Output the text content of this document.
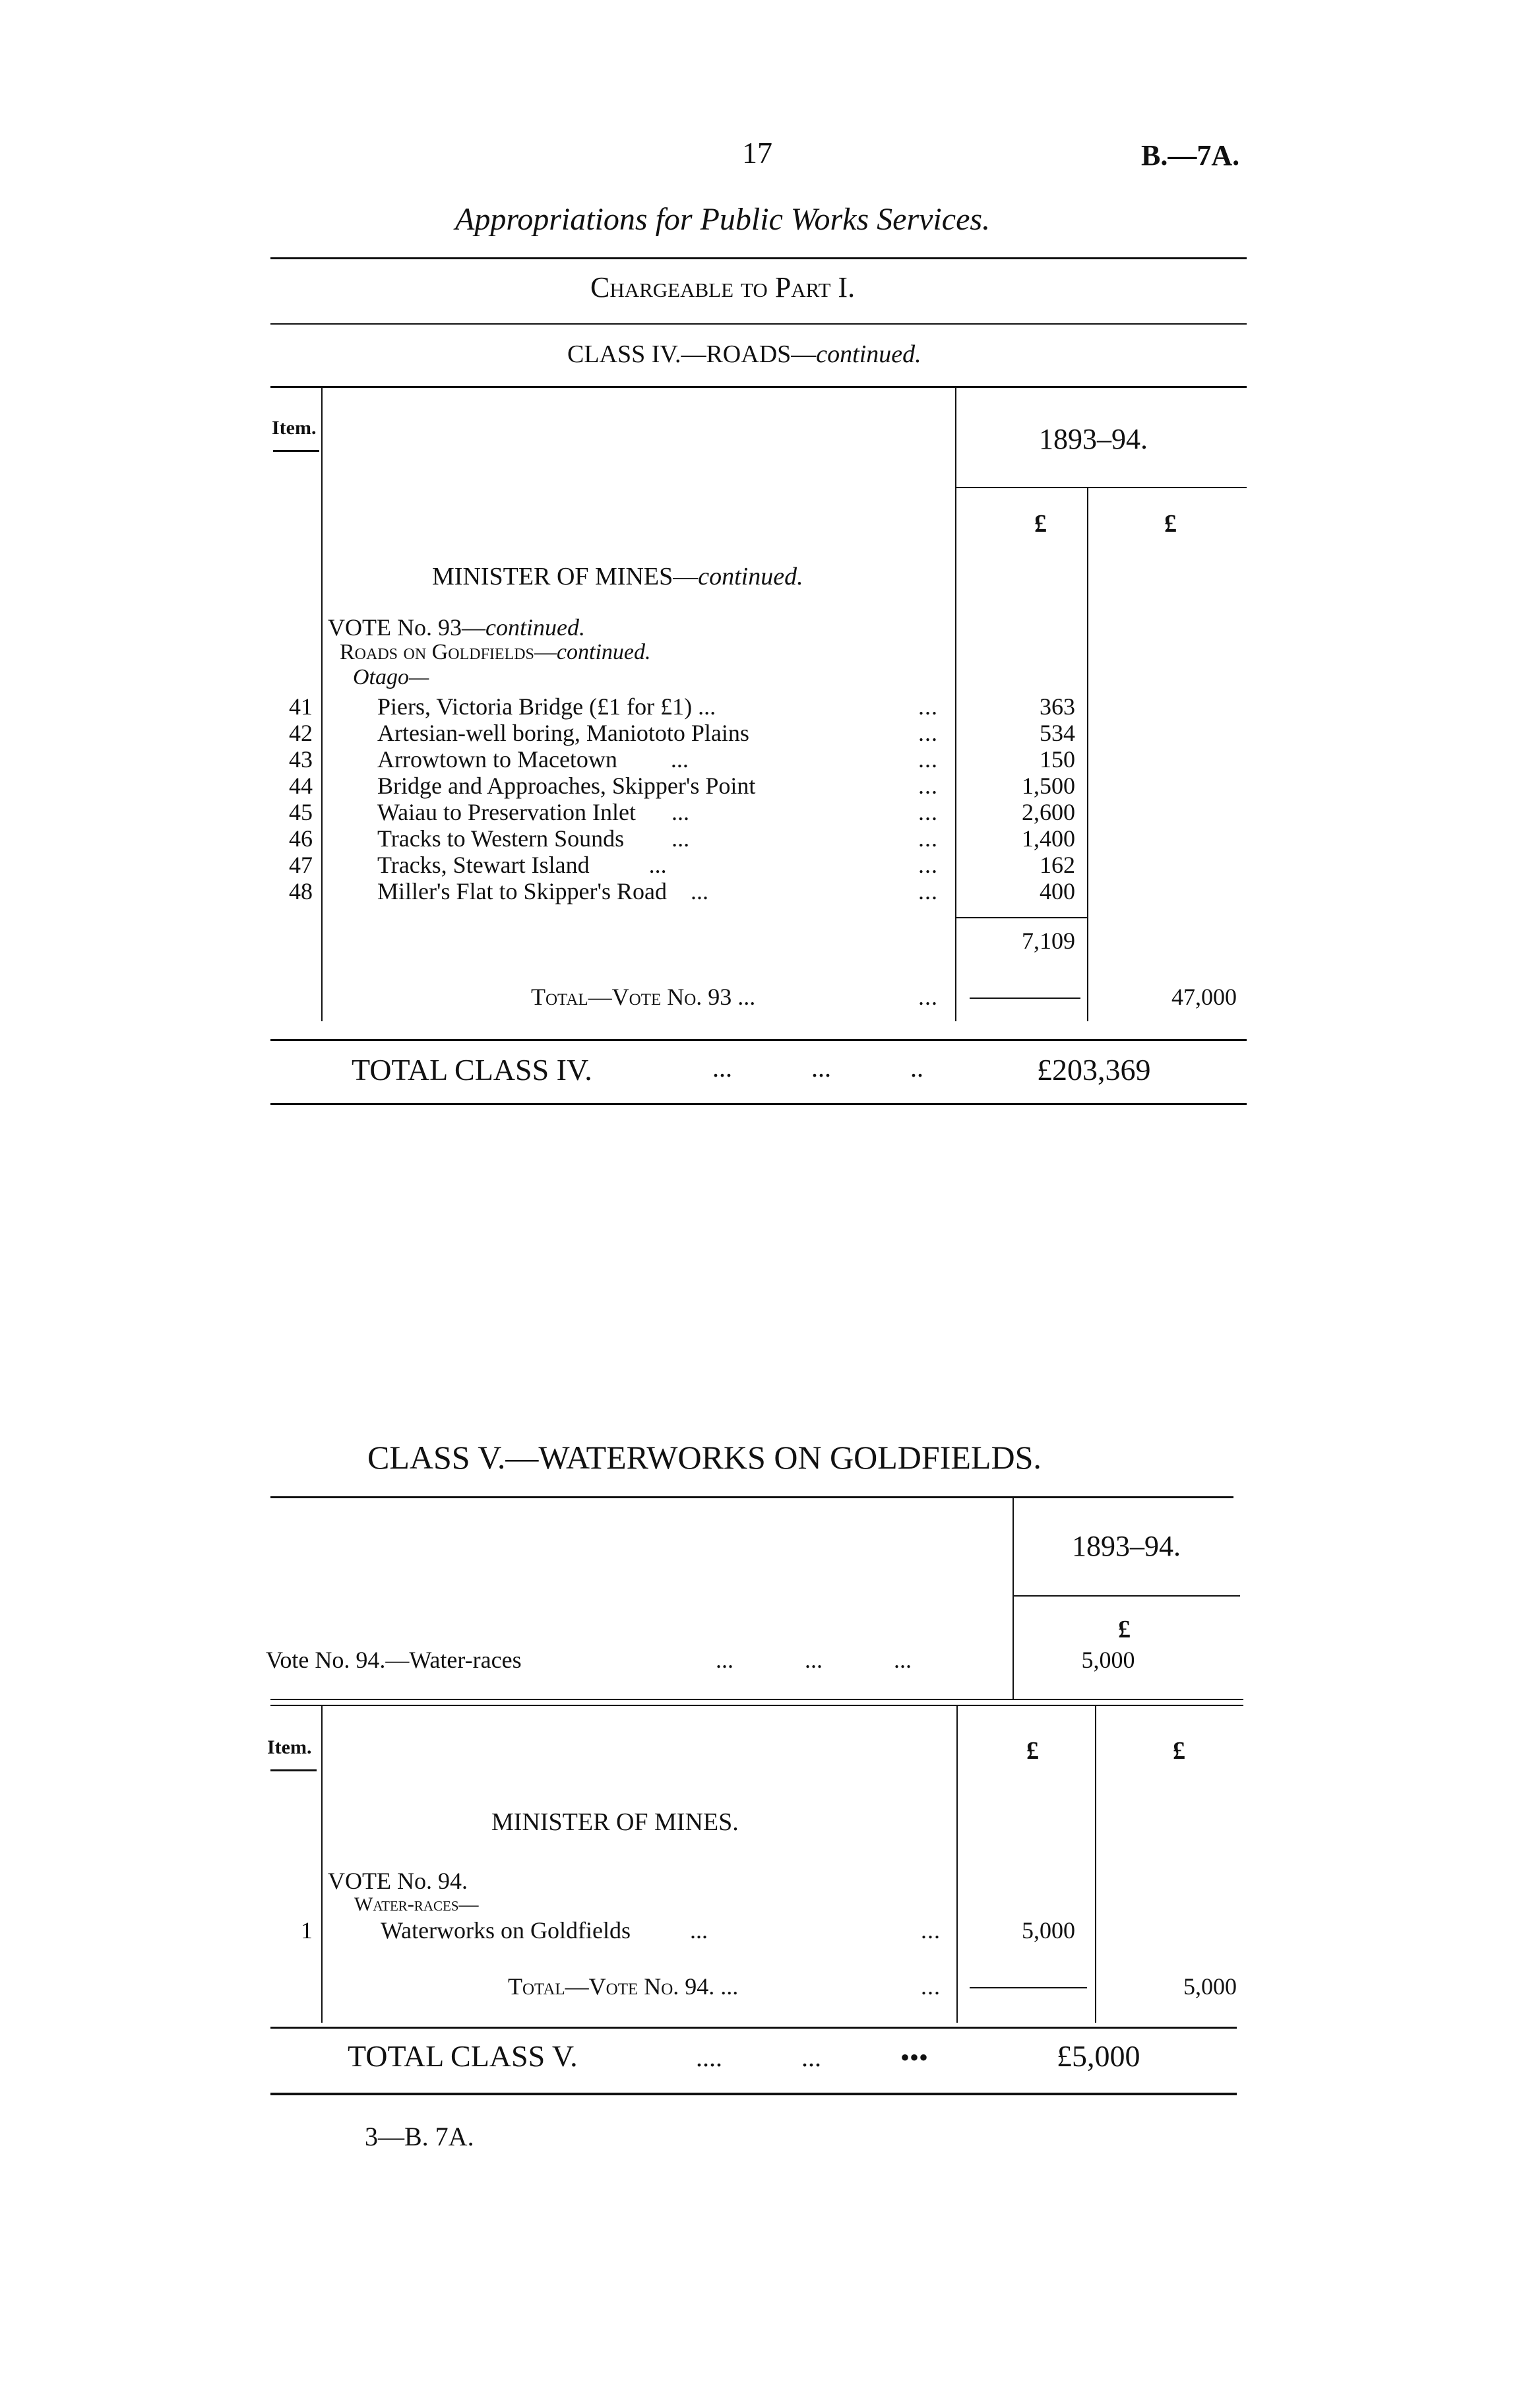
17	B.—7A.
Appropriations for Public Works Services.
Chargeable to Part I.
CLASS IV.—ROADS—continued.
Item.	1893–94.
£	£
MINISTER OF MINES—continued.
VOTE No. 93—continued.
Roads on Goldfields—continued.
Otago—
41	Piers, Victoria Bridge (£1 for £1) ...	...	363
42	Artesian-well boring, Maniototo Plains	...	534
43	Arrowtown to Macetown         ...	...	150
44	Bridge and Approaches, Skipper's Point	...	1,500
45	Waiau to Preservation Inlet      ...	...	2,600
46	Tracks to Western Sounds        ...	...	1,400
47	Tracks, Stewart Island          ...	...	162
48	Miller's Flat to Skipper's Road    ...	...	400
7,109
Total—Vote No. 93 ...	...	47,000
TOTAL CLASS IV.	...            ...            ..	£203,369
CLASS V.—WATERWORKS ON GOLDFIELDS.
1893–94.
£
Vote No. 94.—Water-races	...            ...            ...	5,000
Item.	£	£
MINISTER OF MINES.
VOTE No. 94.
Water-races—
1	Waterworks on Goldfields          ...	...	5,000
Total—Vote No. 94. ...	...	5,000
TOTAL CLASS V.	....            ...            •••	£5,000
3—B. 7A.
